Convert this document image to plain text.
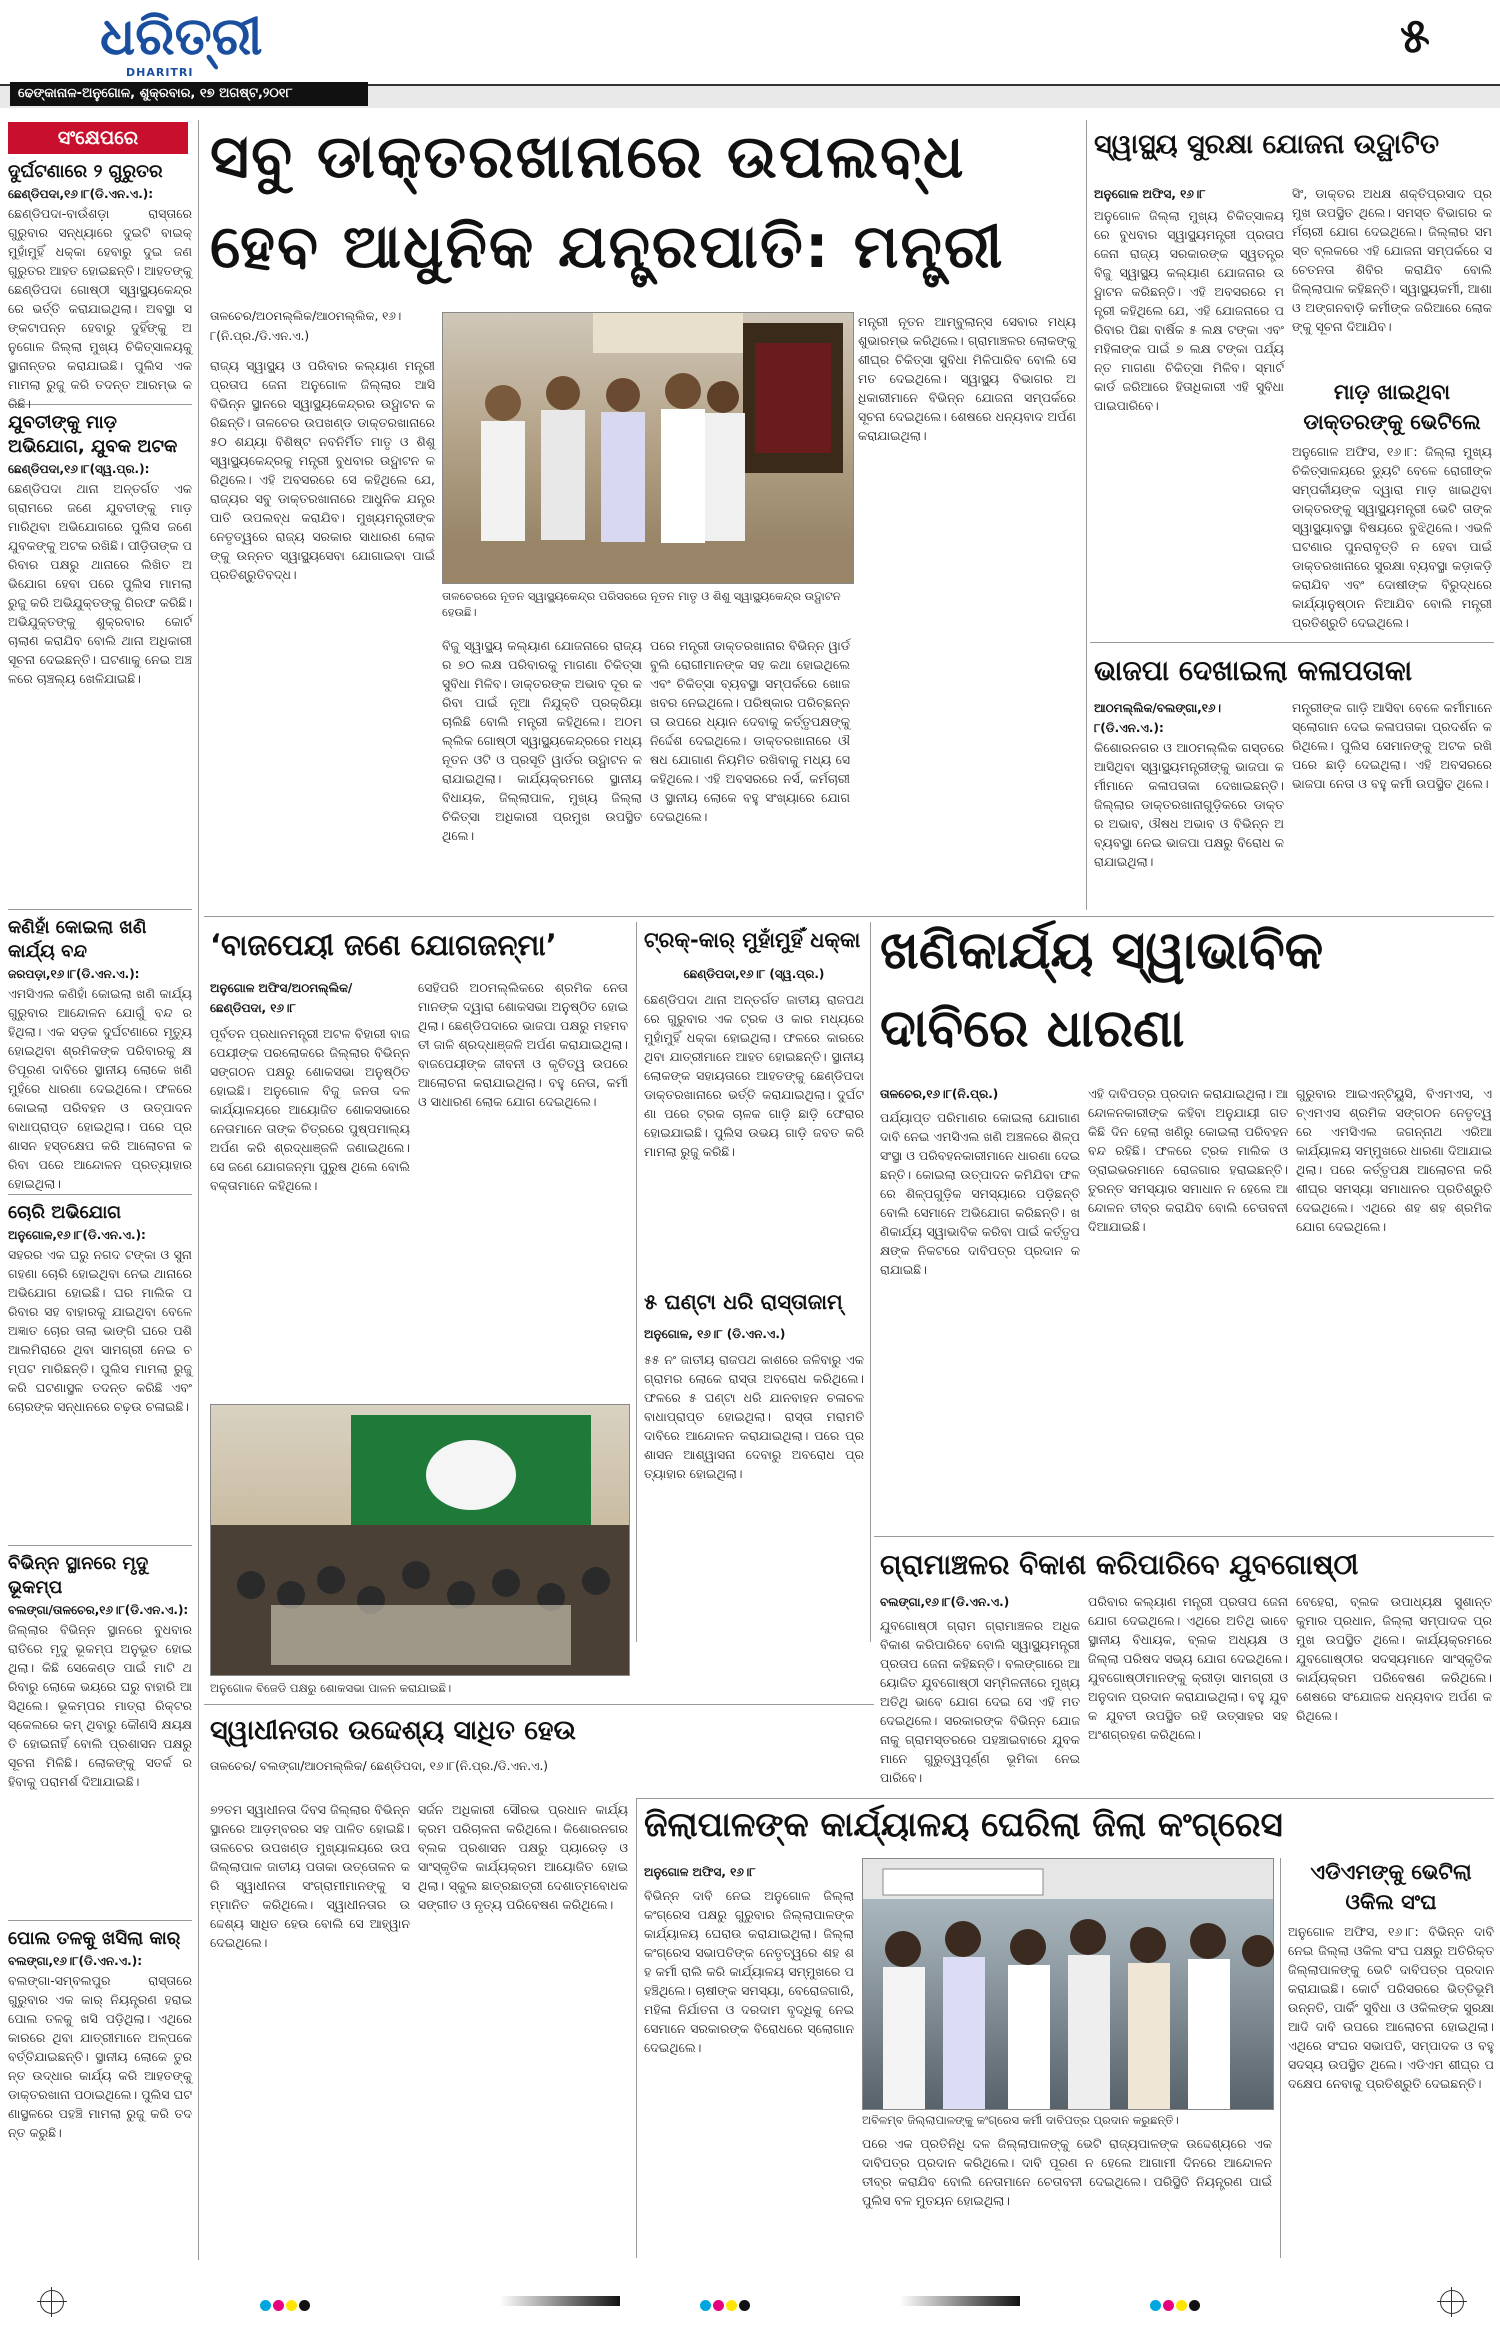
ଧରିତ୍ରୀ
DHARITRI
୫
ଢେଙ୍କାନାଳ-ଅନୁଗୋଳ, ଶୁକ୍ରବାର, ୧୭ ଅଗଷ୍ଟ,୨୦୧୮
ସଂକ୍ଷେପରେ
ଦୁର୍ଘଟଣାରେ ୨ ଗୁରୁତର
ଛେଣ୍ଡିପଦା,୧୬।୮(ଡି.ଏନ.ଏ.):
ଛେଣ୍ଡିପଦା-ବାଉଁଶଡ଼ା ରାସ୍ତାରେ ଗୁରୁବାର ସନ୍ଧ୍ୟାରେ ଦୁଇଟି ବାଇକ୍ ମୁହାଁମୁହିଁ ଧକ୍କା ହେବାରୁ ଦୁଇ ଜଣ ଗୁରୁତର ଆହତ ହୋଇଛନ୍ତି। ଆହତଙ୍କୁ ଛେଣ୍ଡିପଦା ଗୋଷ୍ଠୀ ସ୍ୱାସ୍ଥ୍ୟକେନ୍ଦ୍ରରେ ଭର୍ତ୍ତି କରାଯାଇଥିଲା। ଅବସ୍ଥା ସଙ୍କଟାପନ୍ନ ହେବାରୁ ଦୁହିଁଙ୍କୁ ଅନୁଗୋଳ ଜିଲ୍ଲା ମୁଖ୍ୟ ଚିକିତ୍ସାଳୟକୁ ସ୍ଥାନାନ୍ତର କରାଯାଇଛି। ପୁଲିସ ଏକ ମାମଲା ରୁଜୁ କରି ତଦନ୍ତ ଆରମ୍ଭ କରିଛି।
ଯୁବତୀଙ୍କୁ ମାଡ଼ ଅଭିଯୋଗ, ଯୁବକ ଅଟକ
ଛେଣ୍ଡିପଦା,୧୬।୮(ସ୍ୱ.ପ୍ର.):
ଛେଣ୍ଡିପଦା ଥାନା ଅନ୍ତର୍ଗତ ଏକ ଗ୍ରାମରେ ଜଣେ ଯୁବତୀଙ୍କୁ ମାଡ଼ ମାରିଥିବା ଅଭିଯୋଗରେ ପୁଲିସ ଜଣେ ଯୁବକଙ୍କୁ ଅଟକ ରଖିଛି। ପୀଡ଼ିତାଙ୍କ ପରିବାର ପକ୍ଷରୁ ଥାନାରେ ଲିଖିତ ଅଭିଯୋଗ ହେବା ପରେ ପୁଲିସ ମାମଲା ରୁଜୁ କରି ଅଭିଯୁକ୍ତଙ୍କୁ ଗିରଫ କରିଛି। ଅଭିଯୁକ୍ତଙ୍କୁ ଶୁକ୍ରବାର କୋର୍ଟ ଚାଲାଣ କରାଯିବ ବୋଲି ଥାନା ଅଧିକାରୀ ସୂଚନା ଦେଇଛନ୍ତି। ଘଟଣାକୁ ନେଇ ଅଞ୍ଚଳରେ ଚାଞ୍ଚଲ୍ୟ ଖେଳିଯାଇଛି।
କଣିହାଁ କୋଇଲା ଖଣି କାର୍ଯ୍ୟ ବନ୍ଦ
ଜରପଡ଼ା,୧୬।୮(ଡି.ଏନ.ଏ.):
ଏମସିଏଲ କଣିହାଁ କୋଇଲା ଖଣି କାର୍ଯ୍ୟ ଗୁରୁବାର ଆନ୍ଦୋଳନ ଯୋଗୁଁ ବନ୍ଦ ରହିଥିଲା। ଏକ ସଡ଼କ ଦୁର୍ଘଟଣାରେ ମୃତ୍ୟୁ ହୋଇଥିବା ଶ୍ରମିକଙ୍କ ପରିବାରକୁ କ୍ଷତିପୂରଣ ଦାବିରେ ସ୍ଥାନୀୟ ଲୋକେ ଖଣି ମୁହଁରେ ଧାରଣା ଦେଇଥିଲେ। ଫଳରେ କୋଇଲା ପରିବହନ ଓ ଉତ୍ପାଦନ ବାଧାପ୍ରାପ୍ତ ହୋଇଥିଲା। ପରେ ପ୍ରଶାସନ ହସ୍ତକ୍ଷେପ କରି ଆଲୋଚନା କରିବା ପରେ ଆନ୍ଦୋଳନ ପ୍ରତ୍ୟାହାର ହୋଇଥିଲା।
ଚୋରି ଅଭିଯୋଗ
ଅନୁଗୋଳ,୧୬।୮(ଡି.ଏନ.ଏ.):
ସହରର ଏକ ଘରୁ ନଗଦ ଟଙ୍କା ଓ ସୁନା ଗହଣା ଚୋରି ହୋଇଥିବା ନେଇ ଥାନାରେ ଅଭିଯୋଗ ହୋଇଛି। ଘର ମାଲିକ ପରିବାର ସହ ବାହାରକୁ ଯାଇଥିବା ବେଳେ ଅଜ୍ଞାତ ଚୋର ତାଲା ଭାଙ୍ଗି ଘରେ ପଶି ଆଲମିରାରେ ଥିବା ସାମଗ୍ରୀ ନେଇ ଚମ୍ପଟ ମାରିଛନ୍ତି। ପୁଲିସ ମାମଲା ରୁଜୁ କରି ଘଟଣାସ୍ଥଳ ତଦନ୍ତ କରିଛି ଏବଂ ଚୋରଙ୍କ ସନ୍ଧାନରେ ଚଢ଼ଉ ଚଳାଇଛି।
ବିଭିନ୍ନ ସ୍ଥାନରେ ମୃଦୁ ଭୂକମ୍ପ
ବଲଙ୍ଗା/ତାଳଚେର,୧୬।୮(ଡି.ଏନ.ଏ.):
ଜିଲ୍ଲାର ବିଭିନ୍ନ ସ୍ଥାନରେ ବୁଧବାର ରାତିରେ ମୃଦୁ ଭୂକମ୍ପ ଅନୁଭୂତ ହୋଇଥିଲା। କିଛି ସେକେଣ୍ଡ ପାଇଁ ମାଟି ଥରିବାରୁ ଲୋକେ ଭୟରେ ଘରୁ ବାହାରି ଆସିଥିଲେ। ଭୂକମ୍ପର ମାତ୍ରା ରିକ୍ଟର ସ୍କେଲରେ କମ୍ ଥିବାରୁ କୌଣସି କ୍ଷୟକ୍ଷତି ହୋଇନାହିଁ ବୋଲି ପ୍ରଶାସନ ପକ୍ଷରୁ ସୂଚନା ମିଳିଛି। ଲୋକଙ୍କୁ ସତର୍କ ରହିବାକୁ ପରାମର୍ଶ ଦିଆଯାଇଛି।
ପୋଲ ତଳକୁ ଖସିଲା କାର୍
ବଲଙ୍ଗା,୧୬।୮(ଡି.ଏନ.ଏ.):
ବଲଙ୍ଗା-ସମ୍ବଲପୁର ରାସ୍ତାରେ ଗୁରୁବାର ଏକ କାର୍ ନିୟନ୍ତ୍ରଣ ହରାଇ ପୋଲ ତଳକୁ ଖସି ପଡ଼ିଥିଲା। ଏଥିରେ କାରରେ ଥିବା ଯାତ୍ରୀମାନେ ଅଳ୍ପକେ ବର୍ତ୍ତିଯାଇଛନ୍ତି। ସ୍ଥାନୀୟ ଲୋକେ ତୁରନ୍ତ ଉଦ୍ଧାର କାର୍ଯ୍ୟ କରି ଆହତଙ୍କୁ ଡାକ୍ତରଖାନା ପଠାଇଥିଲେ। ପୁଲିସ ଘଟଣାସ୍ଥଳରେ ପହଞ୍ଚି ମାମଲା ରୁଜୁ କରି ତଦନ୍ତ କରୁଛି।
ସବୁ ଡାକ୍ତରଖାନାରେ ଉପଲବ୍ଧ
ହେବ ଆଧୁନିକ ଯନ୍ତ୍ରପାତି: ମନ୍ତ୍ରୀ
ତାଳଚେର/ଅଠମଲ୍ଲିକ/ଆଠମଲ୍ଲିକ, ୧୬।୮(ନି.ପ୍ର./ଡି.ଏନ.ଏ.)
ରାଜ୍ୟ ସ୍ୱାସ୍ଥ୍ୟ ଓ ପରିବାର କଲ୍ୟାଣ ମନ୍ତ୍ରୀ ପ୍ରତାପ ଜେନା ଅନୁଗୋଳ ଜିଲ୍ଲାର ଆସି ବିଭିନ୍ନ ସ୍ଥାନରେ ସ୍ୱାସ୍ଥ୍ୟକେନ୍ଦ୍ରର ଉଦ୍ଘାଟନ କରିଛନ୍ତି। ତାଳଚେର ଉପଖଣ୍ଡ ଡାକ୍ତରଖାନାରେ ୫୦ ଶଯ୍ୟା ବିଶିଷ୍ଟ ନବନିର୍ମିତ ମାତୃ ଓ ଶିଶୁ ସ୍ୱାସ୍ଥ୍ୟକେନ୍ଦ୍ରକୁ ମନ୍ତ୍ରୀ ବୁଧବାର ଉଦ୍ଘାଟନ କରିଥିଲେ। ଏହି ଅବସରରେ ସେ କହିଥିଲେ ଯେ, ରାଜ୍ୟର ସବୁ ଡାକ୍ତରଖାନାରେ ଆଧୁନିକ ଯନ୍ତ୍ରପାତି ଉପଲବ୍ଧ କରାଯିବ। ମୁଖ୍ୟମନ୍ତ୍ରୀଙ୍କ ନେତୃତ୍ୱରେ ରାଜ୍ୟ ସରକାର ସାଧାରଣ ଲୋକଙ୍କୁ ଉନ୍ନତ ସ୍ୱାସ୍ଥ୍ୟସେବା ଯୋଗାଇବା ପାଇଁ ପ୍ରତିଶ୍ରୁତିବଦ୍ଧ।
ତାଳଚେରରେ ନୂତନ ସ୍ୱାସ୍ଥ୍ୟକେନ୍ଦ୍ର ପରିସରରେ ନୂତନ ମାତୃ ଓ ଶିଶୁ ସ୍ୱାସ୍ଥ୍ୟକେନ୍ଦ୍ର ଉଦ୍ଘାଟନ ହେଉଛି।
ବିଜୁ ସ୍ୱାସ୍ଥ୍ୟ କଲ୍ୟାଣ ଯୋଜନାରେ ରାଜ୍ୟର ୭୦ ଲକ୍ଷ ପରିବାରକୁ ମାଗଣା ଚିକିତ୍ସା ସୁବିଧା ମିଳିବ। ଡାକ୍ତରଙ୍କ ଅଭାବ ଦୂର କରିବା ପାଇଁ ନୂଆ ନିଯୁକ୍ତି ପ୍ରକ୍ରିୟା ଚାଲିଛି ବୋଲି ମନ୍ତ୍ରୀ କହିଥିଲେ। ଅଠମଲ୍ଲିକ ଗୋଷ୍ଠୀ ସ୍ୱାସ୍ଥ୍ୟକେନ୍ଦ୍ରରେ ମଧ୍ୟ ନୂତନ ଓଟି ଓ ପ୍ରସୂତି ୱାର୍ଡର ଉଦ୍ଘାଟନ କରାଯାଇଥିଲା। କାର୍ଯ୍ୟକ୍ରମରେ ସ୍ଥାନୀୟ ବିଧାୟକ, ଜିଲ୍ଲାପାଳ, ମୁଖ୍ୟ ଜିଲ୍ଲା ଚିକିତ୍ସା ଅଧିକାରୀ ପ୍ରମୁଖ ଉପସ୍ଥିତ ଥିଲେ।
ପରେ ମନ୍ତ୍ରୀ ଡାକ୍ତରଖାନାର ବିଭିନ୍ନ ୱାର୍ଡ ବୁଲି ରୋଗୀମାନଙ୍କ ସହ କଥା ହୋଇଥିଲେ ଏବଂ ଚିକିତ୍ସା ବ୍ୟବସ୍ଥା ସମ୍ପର୍କରେ ଖୋଜଖବର ନେଇଥିଲେ। ପରିଷ୍କାର ପରିଚ୍ଛନ୍ନତା ଉପରେ ଧ୍ୟାନ ଦେବାକୁ କର୍ତ୍ତୃପକ୍ଷଙ୍କୁ ନିର୍ଦ୍ଦେଶ ଦେଇଥିଲେ। ଡାକ୍ତରଖାନାରେ ଔଷଧ ଯୋଗାଣ ନିୟମିତ ରଖିବାକୁ ମଧ୍ୟ ସେ କହିଥିଲେ। ଏହି ଅବସରରେ ନର୍ସ, କର୍ମଚାରୀ ଓ ସ୍ଥାନୀୟ ଲୋକେ ବହୁ ସଂଖ୍ୟାରେ ଯୋଗ ଦେଇଥିଲେ।
ମନ୍ତ୍ରୀ ନୂତନ ଆମ୍ବୁଲାନ୍ସ ସେବାର ମଧ୍ୟ ଶୁଭାରମ୍ଭ କରିଥିଲେ। ଗ୍ରାମାଞ୍ଚଳର ଲୋକଙ୍କୁ ଶୀଘ୍ର ଚିକିତ୍ସା ସୁବିଧା ମିଳିପାରିବ ବୋଲି ସେ ମତ ଦେଇଥିଲେ। ସ୍ୱାସ୍ଥ୍ୟ ବିଭାଗର ଅଧିକାରୀମାନେ ବିଭିନ୍ନ ଯୋଜନା ସମ୍ପର୍କରେ ସୂଚନା ଦେଇଥିଲେ। ଶେଷରେ ଧନ୍ୟବାଦ ଅର୍ପଣ କରାଯାଇଥିଲା।
ସ୍ୱାସ୍ଥ୍ୟ ସୁରକ୍ଷା ଯୋଜନା ଉଦ୍ଘାଟିତ
ଅନୁଗୋଳ ଅଫିସ, ୧୬।୮
ଅନୁଗୋଳ ଜିଲ୍ଲା ମୁଖ୍ୟ ଚିକିତ୍ସାଳୟରେ ବୁଧବାର ସ୍ୱାସ୍ଥ୍ୟମନ୍ତ୍ରୀ ପ୍ରତାପ ଜେନା ରାଜ୍ୟ ସରକାରଙ୍କ ସ୍ୱତନ୍ତ୍ର ବିଜୁ ସ୍ୱାସ୍ଥ୍ୟ କଲ୍ୟାଣ ଯୋଜନାର ଉଦ୍ଘାଟନ କରିଛନ୍ତି। ଏହି ଅବସରରେ ମନ୍ତ୍ରୀ କହିଥିଲେ ଯେ, ଏହି ଯୋଜନାରେ ପରିବାର ପିଛା ବାର୍ଷିକ ୫ ଲକ୍ଷ ଟଙ୍କା ଏବଂ ମହିଳାଙ୍କ ପାଇଁ ୭ ଲକ୍ଷ ଟଙ୍କା ପର୍ଯ୍ୟନ୍ତ ମାଗଣା ଚିକିତ୍ସା ମିଳିବ। ସ୍ମାର୍ଟ କାର୍ଡ ଜରିଆରେ ହିତାଧିକାରୀ ଏହି ସୁବିଧା ପାଇପାରିବେ।
ସିଂ, ଡାକ୍ତର ଅଧକ୍ଷ ଶକ୍ତିପ୍ରସାଦ ପ୍ରମୁଖ ଉପସ୍ଥିତ ଥିଲେ। ସମସ୍ତ ବିଭାଗର କର୍ମଚାରୀ ଯୋଗ ଦେଇଥିଲେ। ଜିଲ୍ଲାର ସମସ୍ତ ବ୍ଲକରେ ଏହି ଯୋଜନା ସମ୍ପର୍କରେ ସଚେତନତା ଶିବିର କରାଯିବ ବୋଲି ଜିଲ୍ଲାପାଳ କହିଛନ୍ତି। ସ୍ୱାସ୍ଥ୍ୟକର୍ମୀ, ଆଶା ଓ ଅଙ୍ଗନବାଡ଼ି କର୍ମୀଙ୍କ ଜରିଆରେ ଲୋକଙ୍କୁ ସୂଚନା ଦିଆଯିବ।
ମାଡ଼ ଖାଇଥିବା
ଡାକ୍ତରଙ୍କୁ ଭେଟିଲେ
ଅନୁଗୋଳ ଅଫିସ, ୧୬।୮: ଜିଲ୍ଲା ମୁଖ୍ୟ ଚିକିତ୍ସାଳୟରେ ଡ୍ୟୁଟି ବେଳେ ରୋଗୀଙ୍କ ସମ୍ପର୍କୀୟଙ୍କ ଦ୍ୱାରା ମାଡ଼ ଖାଇଥିବା ଡାକ୍ତରଙ୍କୁ ସ୍ୱାସ୍ଥ୍ୟମନ୍ତ୍ରୀ ଭେଟି ତାଙ୍କ ସ୍ୱାସ୍ଥ୍ୟାବସ୍ଥା ବିଷୟରେ ବୁଝିଥିଲେ। ଏଭଳି ଘଟଣାର ପୁନରାବୃତ୍ତି ନ ହେବା ପାଇଁ ଡାକ୍ତରଖାନାରେ ସୁରକ୍ଷା ବ୍ୟବସ୍ଥା କଡ଼ାକଡ଼ି କରାଯିବ ଏବଂ ଦୋଷୀଙ୍କ ବିରୁଦ୍ଧରେ କାର୍ଯ୍ୟାନୁଷ୍ଠାନ ନିଆଯିବ ବୋଲି ମନ୍ତ୍ରୀ ପ୍ରତିଶ୍ରୁତି ଦେଇଥିଲେ।
ଭାଜପା ଦେଖାଇଲା କଳାପତାକା
ଆଠମଲ୍ଲିକ/ବଲଙ୍ଗା,୧୬।୮(ଡି.ଏନ.ଏ.):
କିଶୋରନଗର ଓ ଆଠମଲ୍ଲିକ ଗସ୍ତରେ ଆସିଥିବା ସ୍ୱାସ୍ଥ୍ୟମନ୍ତ୍ରୀଙ୍କୁ ଭାଜପା କର୍ମୀମାନେ କଳାପତାକା ଦେଖାଇଛନ୍ତି। ଜିଲ୍ଲାର ଡାକ୍ତରଖାନାଗୁଡ଼ିକରେ ଡାକ୍ତର ଅଭାବ, ଔଷଧ ଅଭାବ ଓ ବିଭିନ୍ନ ଅବ୍ୟବସ୍ଥା ନେଇ ଭାଜପା ପକ୍ଷରୁ ବିରୋଧ କରାଯାଇଥିଲା।
ମନ୍ତ୍ରୀଙ୍କ ଗାଡ଼ି ଆସିବା ବେଳେ କର୍ମୀମାନେ ସ୍ଲୋଗାନ ଦେଇ କଳାପତାକା ପ୍ରଦର୍ଶନ କରିଥିଲେ। ପୁଲିସ ସେମାନଙ୍କୁ ଅଟକ ରଖି ପରେ ଛାଡ଼ି ଦେଇଥିଲା। ଏହି ଅବସରରେ ଭାଜପା ନେତା ଓ ବହୁ କର୍ମୀ ଉପସ୍ଥିତ ଥିଲେ।
‘ବାଜପେୟୀ ଜଣେ ଯୋଗଜନ୍ମା’
ଅନୁଗୋଳ ଅଫିସ/ଅଠମଲ୍ଲିକ/ ଛେଣ୍ଡିପଦା, ୧୬।୮
ପୂର୍ବତନ ପ୍ରଧାନମନ୍ତ୍ରୀ ଅଟଳ ବିହାରୀ ବାଜପେୟୀଙ୍କ ପରଲୋକରେ ଜିଲ୍ଲାର ବିଭିନ୍ନ ସଙ୍ଗଠନ ପକ୍ଷରୁ ଶୋକସଭା ଅନୁଷ୍ଠିତ ହୋଇଛି। ଅନୁଗୋଳ ବିଜୁ ଜନତା ଦଳ କାର୍ଯ୍ୟାଳୟରେ ଆୟୋଜିତ ଶୋକସଭାରେ ନେତାମାନେ ତାଙ୍କ ଚିତ୍ରରେ ପୁଷ୍ପମାଲ୍ୟ ଅର୍ପଣ କରି ଶ୍ରଦ୍ଧାଞ୍ଜଳି ଜଣାଇଥିଲେ। ସେ ଜଣେ ଯୋଗଜନ୍ମା ପୁରୁଷ ଥିଲେ ବୋଲି ବକ୍ତାମାନେ କହିଥିଲେ।
ସେହିପରି ଅଠମଲ୍ଲିକରେ ଶ୍ରମିକ ନେତା ମାନଙ୍କ ଦ୍ୱାରା ଶୋକସଭା ଅନୁଷ୍ଠିତ ହୋଇଥିଲା। ଛେଣ୍ଡିପଦାରେ ଭାଜପା ପକ୍ଷରୁ ମହମବତୀ ଜାଳି ଶ୍ରଦ୍ଧାଞ୍ଜଳି ଅର୍ପଣ କରାଯାଇଥିଲା। ବାଜପେୟୀଙ୍କ ଜୀବନୀ ଓ କୃତିତ୍ୱ ଉପରେ ଆଲୋଚନା କରାଯାଇଥିଲା। ବହୁ ନେତା, କର୍ମୀ ଓ ସାଧାରଣ ଲୋକ ଯୋଗ ଦେଇଥିଲେ।
ଅନୁଗୋଳ ବିଜେଡି ପକ୍ଷରୁ ଶୋକସଭା ପାଳନ କରାଯାଇଛି।
ଟ୍ରକ୍-କାର୍ ମୁହାଁମୁହିଁ ଧକ୍କା
ଛେଣ୍ଡିପଦା,୧୬।୮ (ସ୍ୱ.ପ୍ର.)
ଛେଣ୍ଡିପଦା ଥାନା ଅନ୍ତର୍ଗତ ଜାତୀୟ ରାଜପଥରେ ଗୁରୁବାର ଏକ ଟ୍ରକ ଓ କାର ମଧ୍ୟରେ ମୁହାଁମୁହିଁ ଧକ୍କା ହୋଇଥିଲା। ଫଳରେ କାରରେ ଥିବା ଯାତ୍ରୀମାନେ ଆହତ ହୋଇଛନ୍ତି। ସ୍ଥାନୀୟ ଲୋକଙ୍କ ସହାୟତାରେ ଆହତଙ୍କୁ ଛେଣ୍ଡିପଦା ଡାକ୍ତରଖାନାରେ ଭର୍ତ୍ତି କରାଯାଇଥିଲା। ଦୁର୍ଘଟଣା ପରେ ଟ୍ରକ ଚାଳକ ଗାଡ଼ି ଛାଡ଼ି ଫେରାର ହୋଇଯାଇଛି। ପୁଲିସ ଉଭୟ ଗାଡ଼ି ଜବତ କରି ମାମଲା ରୁଜୁ କରିଛି।
୫ ଘଣ୍ଟା ଧରି ରାସ୍ତାଜାମ୍
ଅନୁଗୋଳ, ୧୬।୮ (ଡି.ଏନ.ଏ.)
୫୫ ନଂ ଜାତୀୟ ରାଜପଥ କାଶରେ ଜଳିବାରୁ ଏକ ଗ୍ରାମର ଲୋକେ ରାସ୍ତା ଅବରୋଧ କରିଥିଲେ। ଫଳରେ ୫ ଘଣ୍ଟା ଧରି ଯାନବାହନ ଚଳାଚଳ ବାଧାପ୍ରାପ୍ତ ହୋଇଥିଲା। ରାସ୍ତା ମରାମତି ଦାବିରେ ଆନ୍ଦୋଳନ କରାଯାଇଥିଲା। ପରେ ପ୍ରଶାସନ ଆଶ୍ୱାସନା ଦେବାରୁ ଅବରୋଧ ପ୍ରତ୍ୟାହାର ହୋଇଥିଲା।
ଖଣିକାର୍ଯ୍ୟ ସ୍ୱାଭାବିକ
ଦାବିରେ ଧାରଣା
ତାଳଚେର,୧୬।୮(ନି.ପ୍ର.)
ପର୍ଯ୍ୟାପ୍ତ ପରିମାଣର କୋଇଲା ଯୋଗାଣ ଦାବି ନେଇ ଏମସିଏଲ ଖଣି ଅଞ୍ଚଳରେ ଶିଳ୍ପ ସଂସ୍ଥା ଓ ପରିବହନକାରୀମାନେ ଧାରଣା ଦେଇଛନ୍ତି। କୋଇଲା ଉତ୍ପାଦନ କମିଯିବା ଫଳରେ ଶିଳ୍ପଗୁଡ଼ିକ ସମସ୍ୟାରେ ପଡ଼ିଛନ୍ତି ବୋଲି ସେମାନେ ଅଭିଯୋଗ କରିଛନ୍ତି। ଖଣିକାର୍ଯ୍ୟ ସ୍ୱାଭାବିକ କରିବା ପାଇଁ କର୍ତ୍ତୃପକ୍ଷଙ୍କ ନିକଟରେ ଦାବିପତ୍ର ପ୍ରଦାନ କରାଯାଇଛି।
ଏହି ଦାବିପତ୍ର ପ୍ରଦାନ କରାଯାଇଥିଲା। ଆନ୍ଦୋଳନକାରୀଙ୍କ କହିବା ଅନୁଯାୟୀ ଗତ କିଛି ଦିନ ହେଲା ଖଣିରୁ କୋଇଲା ପରିବହନ ବନ୍ଦ ରହିଛି। ଫଳରେ ଟ୍ରକ ମାଲିକ ଓ ଡ୍ରାଇଭରମାନେ ରୋଜଗାର ହରାଇଛନ୍ତି। ତୁରନ୍ତ ସମସ୍ୟାର ସମାଧାନ ନ ହେଲେ ଆନ୍ଦୋଳନ ତୀବ୍ର କରାଯିବ ବୋଲି ଚେତାବନୀ ଦିଆଯାଇଛି।
ଗୁରୁବାର ଆଇଏନ୍ଟିୟୁସି, ବିଏମଏସ, ଏଚ୍ଏମଏସ ଶ୍ରମିକ ସଙ୍ଗଠନ ନେତୃତ୍ୱରେ ଏମସିଏଲ ଜଗନ୍ନାଥ ଏରିଆ କାର୍ଯ୍ୟାଳୟ ସମ୍ମୁଖରେ ଧାରଣା ଦିଆଯାଇଥିଲା। ପରେ କର୍ତ୍ତୃପକ୍ଷ ଆଲୋଚନା କରି ଶୀଘ୍ର ସମସ୍ୟା ସମାଧାନର ପ୍ରତିଶ୍ରୁତି ଦେଇଥିଲେ। ଏଥିରେ ଶହ ଶହ ଶ୍ରମିକ ଯୋଗ ଦେଇଥିଲେ।
ଗ୍ରାମାଞ୍ଚଳର ବିକାଶ କରିପାରିବେ ଯୁବଗୋଷ୍ଠୀ
ବଲଙ୍ଗା,୧୬।୮(ଡି.ଏନ.ଏ.)
ଯୁବଗୋଷ୍ଠୀ ଗ୍ରାମ ଗ୍ରାମାଞ୍ଚଳର ଅଧିକ ବିକାଶ କରିପାରିବେ ବୋଲି ସ୍ୱାସ୍ଥ୍ୟମନ୍ତ୍ରୀ ପ୍ରତାପ ଜେନା କହିଛନ୍ତି। ବଲଙ୍ଗାରେ ଆୟୋଜିତ ଯୁବଗୋଷ୍ଠୀ ସମ୍ମିଳନୀରେ ମୁଖ୍ୟ ଅତିଥି ଭାବେ ଯୋଗ ଦେଇ ସେ ଏହି ମତ ଦେଇଥିଲେ। ସରକାରଙ୍କ ବିଭିନ୍ନ ଯୋଜନାକୁ ଗ୍ରାମସ୍ତରରେ ପହଞ୍ଚାଇବାରେ ଯୁବକମାନେ ଗୁରୁତ୍ୱପୂର୍ଣ୍ଣ ଭୂମିକା ନେଇପାରିବେ।
ପରିବାର କଲ୍ୟାଣ ମନ୍ତ୍ରୀ ପ୍ରତାପ ଜେନା ଯୋଗ ଦେଇଥିଲେ। ଏଥିରେ ଅତିଥି ଭାବେ ସ୍ଥାନୀୟ ବିଧାୟକ, ବ୍ଲକ ଅଧ୍ୟକ୍ଷ ଓ ଜିଲ୍ଲା ପରିଷଦ ସଭ୍ୟ ଯୋଗ ଦେଇଥିଲେ। ଯୁବଗୋଷ୍ଠୀମାନଙ୍କୁ କ୍ରୀଡ଼ା ସାମଗ୍ରୀ ଓ ଅନୁଦାନ ପ୍ରଦାନ କରାଯାଇଥିଲା। ବହୁ ଯୁବକ ଯୁବତୀ ଉପସ୍ଥିତ ରହି ଉତ୍ସାହର ସହ ଅଂଶଗ୍ରହଣ କରିଥିଲେ।
ବେହେରା, ବ୍ଲକ ଉପାଧ୍ୟକ୍ଷ ସୁଶାନ୍ତ କୁମାର ପ୍ରଧାନ, ଜିଲ୍ଲା ସମ୍ପାଦକ ପ୍ରମୁଖ ଉପସ୍ଥିତ ଥିଲେ। କାର୍ଯ୍ୟକ୍ରମରେ ଯୁବଗୋଷ୍ଠୀର ସଦସ୍ୟମାନେ ସାଂସ୍କୃତିକ କାର୍ଯ୍ୟକ୍ରମ ପରିବେଷଣ କରିଥିଲେ। ଶେଷରେ ସଂଯୋଜକ ଧନ୍ୟବାଦ ଅର୍ପଣ କରିଥିଲେ।
ସ୍ୱାଧୀନତାର ଉଦ୍ଦେଶ୍ୟ ସାଧିତ ହେଉ
ତାଳଚେର/ ବଲଙ୍ଗା/ଆଠମଲ୍ଲିକ/ ଛେଣ୍ଡିପଦା, ୧୬।୮(ନି.ପ୍ର./ଡି.ଏନ.ଏ.)
୭୨ତମ ସ୍ୱାଧୀନତା ଦିବସ ଜିଲ୍ଲାର ବିଭିନ୍ନ ସ୍ଥାନରେ ଆଡ଼ମ୍ବରର ସହ ପାଳିତ ହୋଇଛି। ତାଳଚେର ଉପଖଣ୍ଡ ମୁଖ୍ୟାଳୟରେ ଉପଜିଲ୍ଲାପାଳ ଜାତୀୟ ପତାକା ଉତ୍ତୋଳନ କରି ସ୍ୱାଧୀନତା ସଂଗ୍ରାମୀମାନଙ୍କୁ ସମ୍ମାନିତ କରିଥିଲେ। ସ୍ୱାଧୀନତାର ଉଦ୍ଦେଶ୍ୟ ସାଧିତ ହେଉ ବୋଲି ସେ ଆହ୍ୱାନ ଦେଇଥିଲେ।
ସର୍ଜନ ଅଧିକାରୀ ସୌରଭ ପ୍ରଧାନ କାର୍ଯ୍ୟକ୍ରମ ପରିଚାଳନା କରିଥିଲେ। କିଶୋରନଗର ବ୍ଲକ ପ୍ରଶାସନ ପକ୍ଷରୁ ପ୍ୟାରେଡ଼ ଓ ସାଂସ୍କୃତିକ କାର୍ଯ୍ୟକ୍ରମ ଆୟୋଜିତ ହୋଇଥିଲା। ସ୍କୁଲ ଛାତ୍ରଛାତ୍ରୀ ଦେଶାତ୍ମବୋଧକ ସଙ୍ଗୀତ ଓ ନୃତ୍ୟ ପରିବେଷଣ କରିଥିଲେ।
ଜିଲାପାଳଙ୍କ କାର୍ଯ୍ୟାଳୟ ଘେରିଲା ଜିଲା କଂଗ୍ରେସ
ଅନୁଗୋଳ ଅଫିସ, ୧୬।୮
ବିଭିନ୍ନ ଦାବି ନେଇ ଅନୁଗୋଳ ଜିଲ୍ଲା କଂଗ୍ରେସ ପକ୍ଷରୁ ଗୁରୁବାର ଜିଲ୍ଲାପାଳଙ୍କ କାର୍ଯ୍ୟାଳୟ ଘେରାଉ କରାଯାଇଥିଲା। ଜିଲ୍ଲା କଂଗ୍ରେସ ସଭାପତିଙ୍କ ନେତୃତ୍ୱରେ ଶହ ଶହ କର୍ମୀ ରାଲି କରି କାର୍ଯ୍ୟାଳୟ ସମ୍ମୁଖରେ ପହଞ୍ଚିଥିଲେ। ଚାଷୀଙ୍କ ସମସ୍ୟା, ବେରୋଜଗାରି, ମହିଳା ନିର୍ଯାତନା ଓ ଦରଦାମ ବୃଦ୍ଧିକୁ ନେଇ ସେମାନେ ସରକାରଙ୍କ ବିରୋଧରେ ସ୍ଲୋଗାନ ଦେଇଥିଲେ।
ଅବିଳମ୍ବ ଜିଲ୍ଲାପାଳଙ୍କୁ କଂଗ୍ରେସ କର୍ମୀ ଦାବିପତ୍ର ପ୍ରଦାନ କରୁଛନ୍ତି।
ପରେ ଏକ ପ୍ରତିନିଧି ଦଳ ଜିଲ୍ଲାପାଳଙ୍କୁ ଭେଟି ରାଜ୍ୟପାଳଙ୍କ ଉଦ୍ଦେଶ୍ୟରେ ଏକ ଦାବିପତ୍ର ପ୍ରଦାନ କରିଥିଲେ। ଦାବି ପୂରଣ ନ ହେଲେ ଆଗାମୀ ଦିନରେ ଆନ୍ଦୋଳନ ତୀବ୍ର କରାଯିବ ବୋଲି ନେତାମାନେ ଚେତାବନୀ ଦେଇଥିଲେ। ପରିସ୍ଥିତି ନିୟନ୍ତ୍ରଣ ପାଇଁ ପୁଲିସ ବଳ ମୁତୟନ ହୋଇଥିଲା।
ଏଡିଏମଙ୍କୁ ଭେଟିଲା
ଓକିଲ ସଂଘ
ଅନୁଗୋଳ ଅଫିସ, ୧୬।୮: ବିଭିନ୍ନ ଦାବି ନେଇ ଜିଲ୍ଲା ଓକିଲ ସଂଘ ପକ୍ଷରୁ ଅତିରିକ୍ତ ଜିଲ୍ଲାପାଳଙ୍କୁ ଭେଟି ଦାବିପତ୍ର ପ୍ରଦାନ କରାଯାଇଛି। କୋର୍ଟ ପରିସରରେ ଭିତ୍ତିଭୂମି ଉନ୍ନତି, ପାର୍କିଂ ସୁବିଧା ଓ ଓକିଲଙ୍କ ସୁରକ୍ଷା ଆଦି ଦାବି ଉପରେ ଆଲୋଚନା ହୋଇଥିଲା। ଏଥିରେ ସଂଘର ସଭାପତି, ସମ୍ପାଦକ ଓ ବହୁ ସଦସ୍ୟ ଉପସ୍ଥିତ ଥିଲେ। ଏଡିଏମ ଶୀଘ୍ର ପଦକ୍ଷେପ ନେବାକୁ ପ୍ରତିଶ୍ରୁତି ଦେଇଛନ୍ତି।
